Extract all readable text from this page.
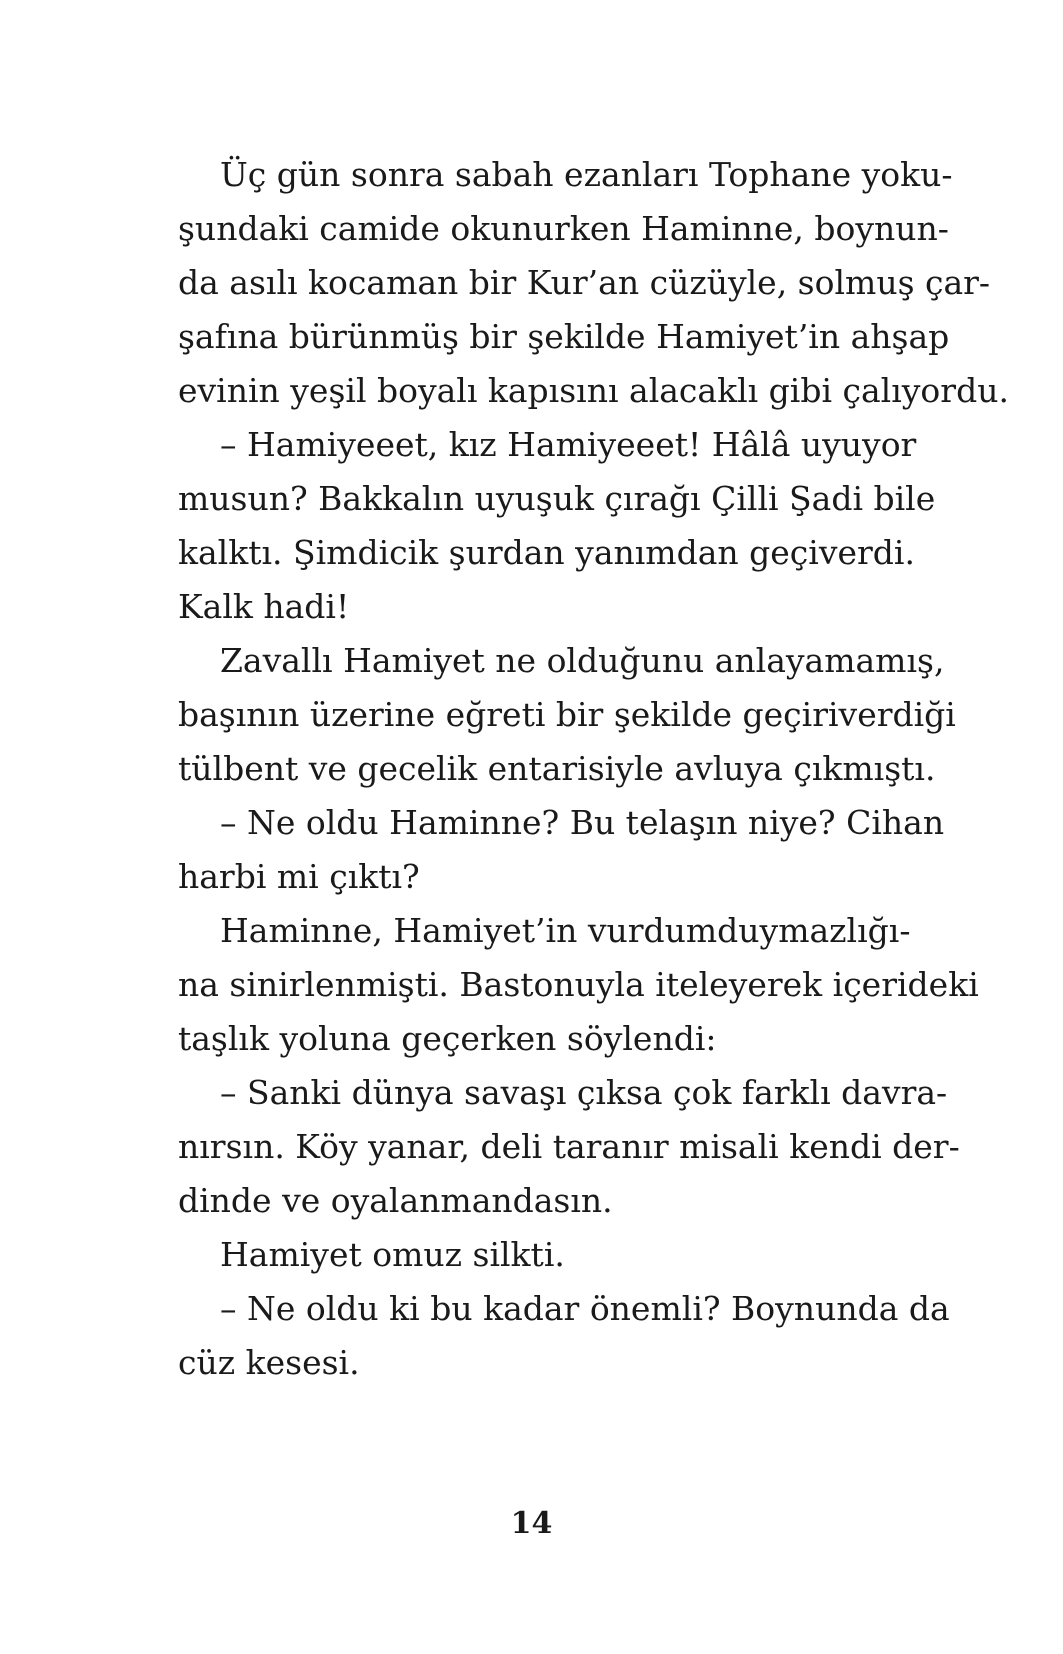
Üç gün sonra sabah ezanları Tophane yoku-
şundaki camide okunurken Haminne, boynun-
da asılı kocaman bir Kur’an cüzüyle, solmuş çar-
şafına bürünmüş bir şekilde Hamiyet’in ahşap
evinin yeşil boyalı kapısını alacaklı gibi çalıyordu.
– Hamiyeeet, kız Hamiyeeet! Hâlâ uyuyor
musun? Bakkalın uyuşuk çırağı Çilli Şadi bile
kalktı. Şimdicik şurdan yanımdan geçiverdi.
Kalk hadi!
Zavallı Hamiyet ne olduğunu anlayamamış,
başının üzerine eğreti bir şekilde geçiriverdiği
tülbent ve gecelik entarisiyle avluya çıkmıştı.
– Ne oldu Haminne? Bu telaşın niye? Cihan
harbi mi çıktı?
Haminne, Hamiyet’in vurdumduymazlığı-
na sinirlenmişti. Bastonuyla iteleyerek içerideki
taşlık yoluna geçerken söylendi:
– Sanki dünya savaşı çıksa çok farklı davra-
nırsın. Köy yanar, deli taranır misali kendi der-
dinde ve oyalanmandasın.
Hamiyet omuz silkti.
– Ne oldu ki bu kadar önemli? Boynunda da
cüz kesesi.
14
